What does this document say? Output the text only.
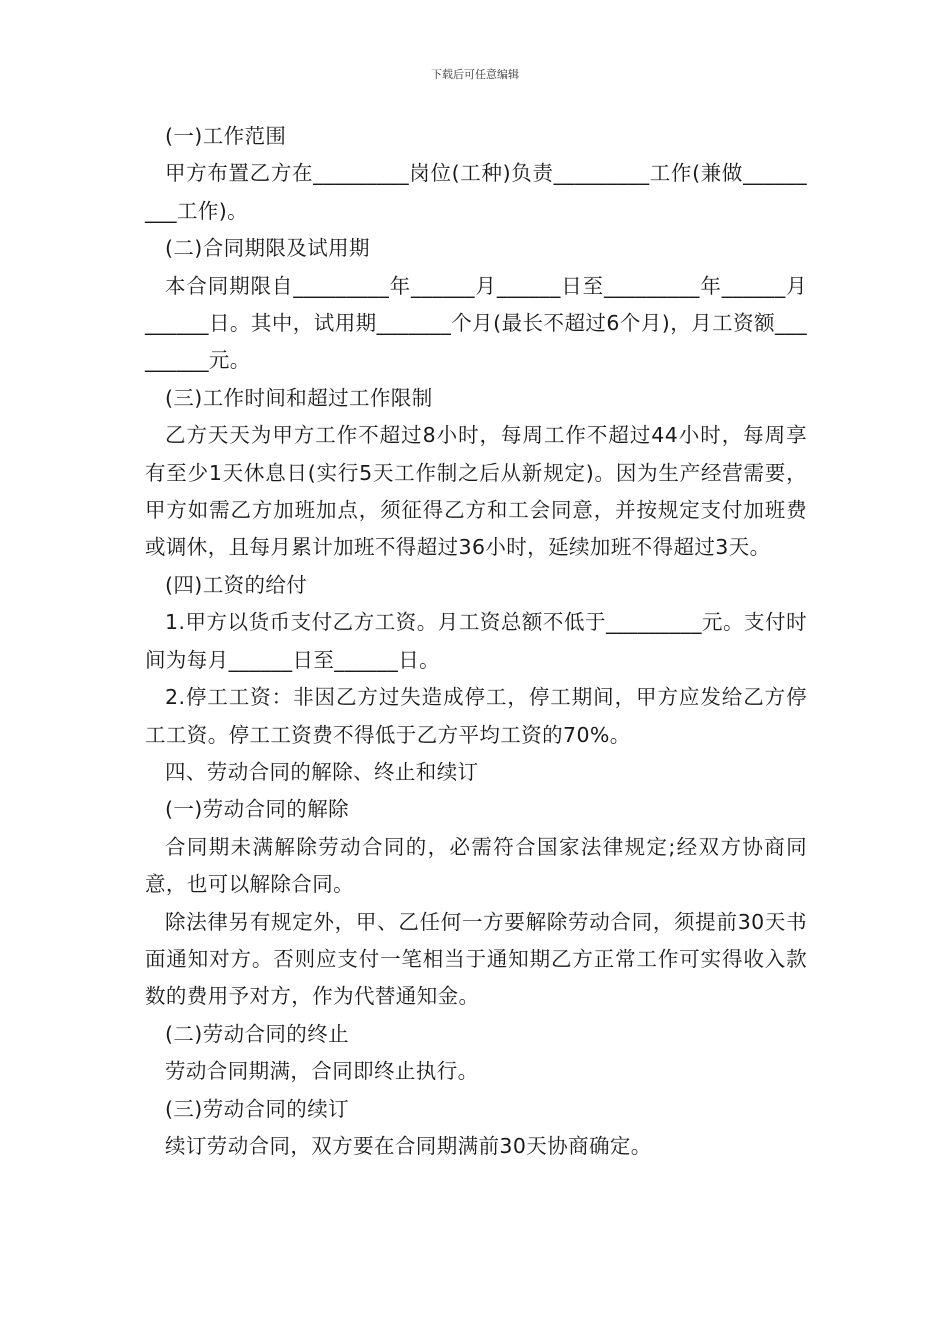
下载后可任意编辑

(一)工作范围

甲方布置乙方在_________岗位(工种)负责_________工作(兼做_________工作)。

(二)合同期限及试用期

本合同期限自_________年______月______日至_________年______月______日。其中，试用期_______个月(最长不超过6个月)，月工资额_________元。

(三)工作时间和超过工作限制

乙方天天为甲方工作不超过8小时，每周工作不超过44小时，每周享有至少1天休息日(实行5天工作制之后从新规定)。因为生产经营需要，甲方如需乙方加班加点，须征得乙方和工会同意，并按规定支付加班费或调休，且每月累计加班不得超过36小时，延续加班不得超过3天。

(四)工资的给付

1.甲方以货币支付乙方工资。月工资总额不低于_________元。支付时间为每月______日至______日。

2.停工工资：非因乙方过失造成停工，停工期间，甲方应发给乙方停工工资。停工工资费不得低于乙方平均工资的70%。

四、劳动合同的解除、终止和续订

(一)劳动合同的解除

合同期未满解除劳动合同的，必需符合国家法律规定;经双方协商同意，也可以解除合同。

除法律另有规定外，甲、乙任何一方要解除劳动合同，须提前30天书面通知对方。否则应支付一笔相当于通知期乙方正常工作可实得收入款数的费用予对方，作为代替通知金。

(二)劳动合同的终止

劳动合同期满，合同即终止执行。

(三)劳动合同的续订

续订劳动合同，双方要在合同期满前30天协商确定。
